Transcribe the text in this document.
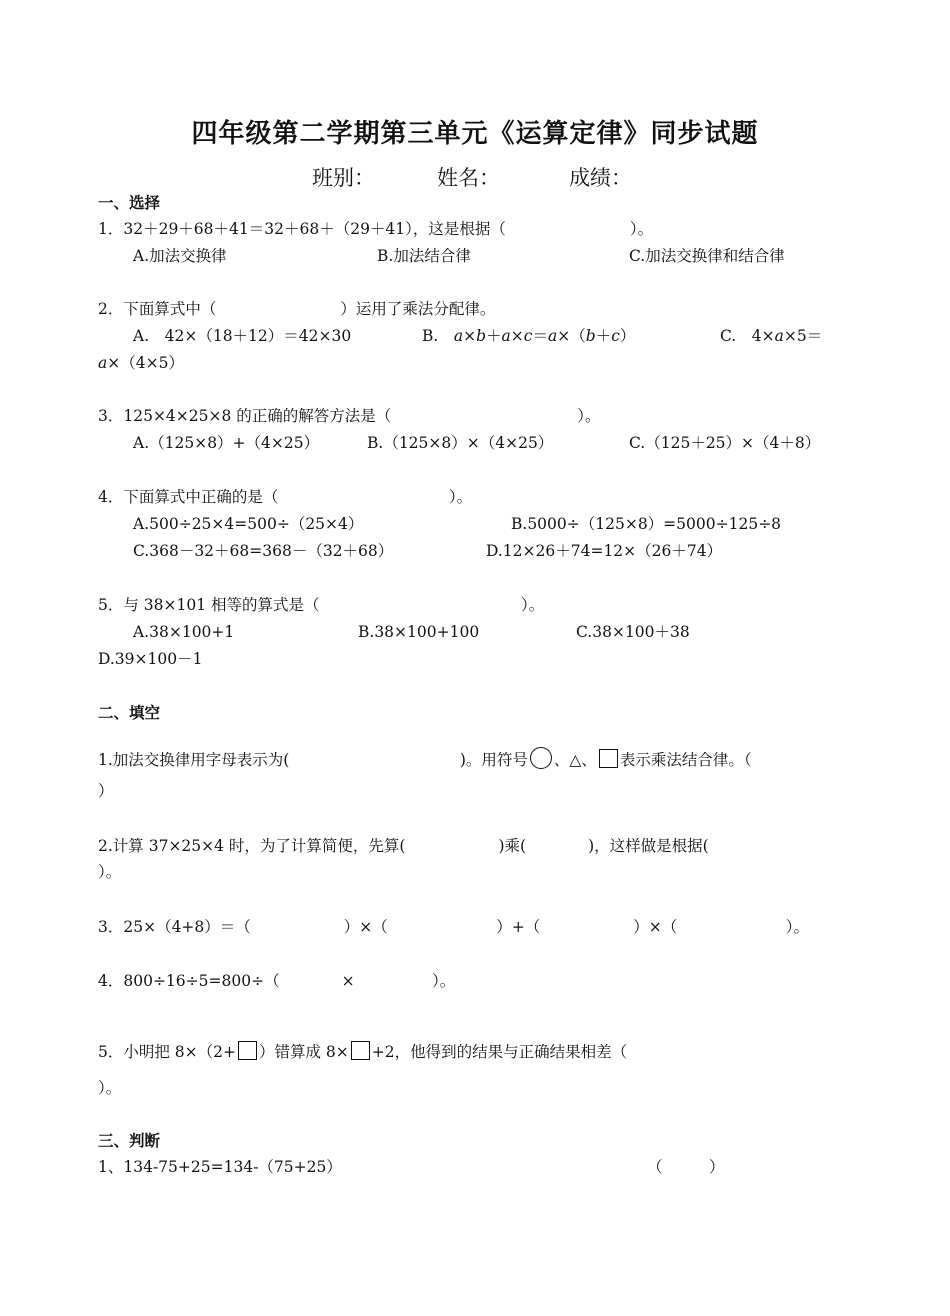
四年级第二学期第三单元《运算定律》同步试题
班别：	姓名：	成绩：
一、选择
1．32＋29＋68＋41＝32＋68＋（29＋41），这是根据（　　　　　　　　）。
A.加法交换律	B.加法结合律	C.加法交换律和结合律
2．下面算式中（　　　　　　　　）运用了乘法分配律。
A.　42×（18＋12）＝42×30	B.　a×b＋a×c＝a×（b＋c）	C.　4×a×5＝
a×（4×5）
3．125×4×25×8 的正确的解答方法是（　　　　　　　　　　　　）。
A.（125×8）+（4×25）	B.（125×8）×（4×25）	C.（125＋25）×（4＋8）
4．下面算式中正确的是（　　　　　　　　　　　）。
A.500÷25×4=500÷（25×4）	B.5000÷（125×8）=5000÷125÷8
C.368－32＋68=368－（32＋68）	D.12×26＋74=12×（26＋74）
5．与 38×101 相等的算式是（　　　　　　　　　　　　　）。
A.38×100+1	B.38×100+100	C.38×100＋38
D.39×100－1
二、填空
1.加法交换律用字母表示为(　　　　　　　　　　　)。用符号 、△、 表示乘法结合律。（
）
2.计算 37×25×4 时，为了计算简便，先算(　　　　　　)乘(　　　　)，这样做是根据(
）。
3．25×（4+8）＝（　　　　　　）×（　　　　　　　）+（　　　　　　）×（　　　　　　　）。
4．800÷16÷5=800÷（　　　　×　　　　　）。
5．小明把 8×（2+ ）错算成 8× +2，他得到的结果与正确结果相差（
）。
三、判断
1、134-75+25=134-（75+25）	（　　　）
